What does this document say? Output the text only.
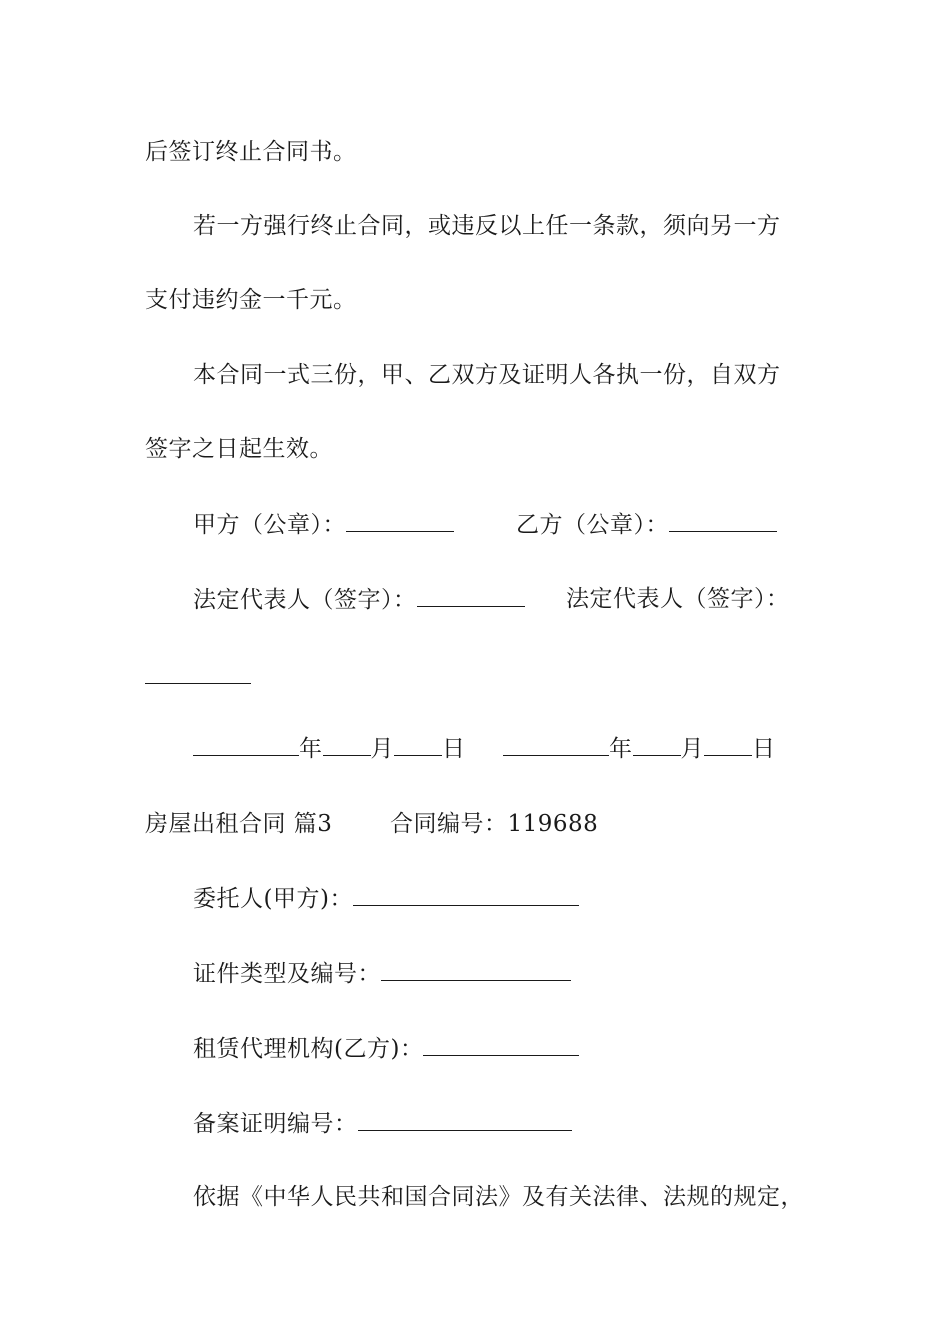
后签订终止合同书。
若一方强行终止合同，或违反以上任一条款，须向另一方
支付违约金一千元。
本合同一式三份，甲、乙双方及证明人各执一份，自双方
签字之日起生效。
甲方（公章）：	乙方（公章）：
法定代表人（签字）：	法定代表人（签字）：
年 月 日	年 月 日
房屋出租合同 篇3	合同编号：119688
委托人(甲方)：
证件类型及编号：
租赁代理机构(乙方)：
备案证明编号：
依据《中华人民共和国合同法》及有关法律、法规的规定，
